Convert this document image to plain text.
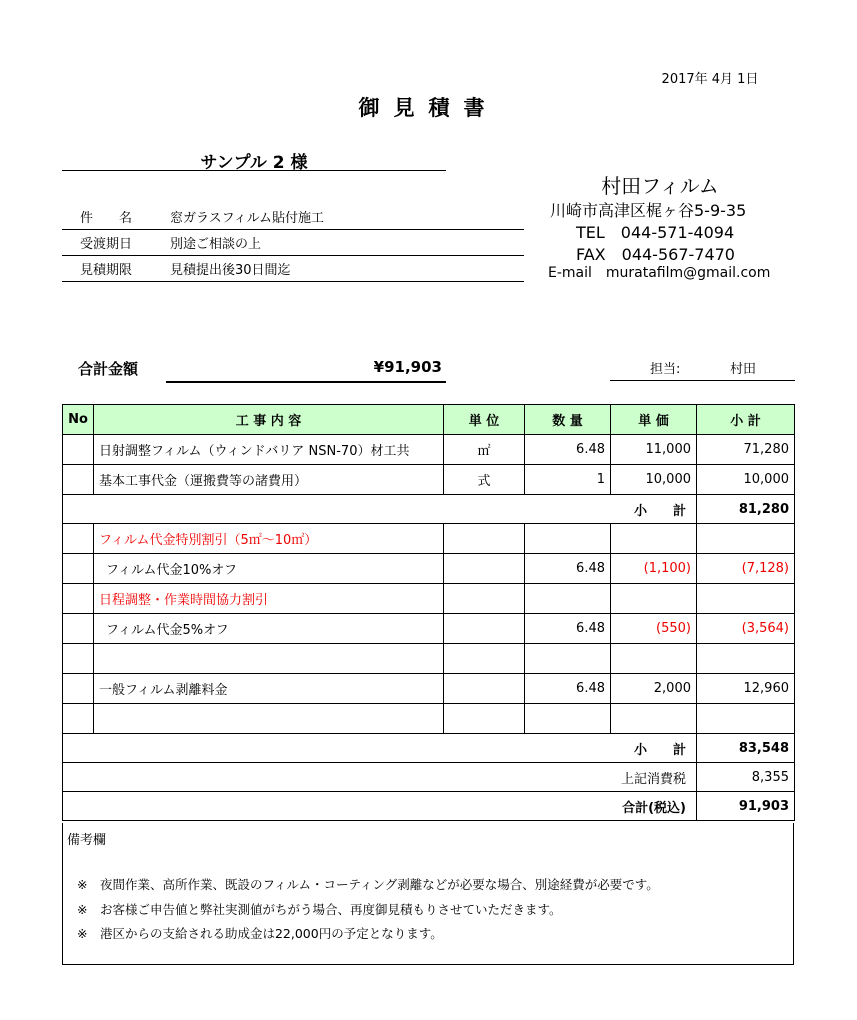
2017年 4月 1日
御見積書
サンプル 2 様
件　　名	窓ガラスフィルム貼付施工
受渡期日	別途ご相談の上
見積期限	見積提出後30日間迄
村田フィルム
川崎市高津区梶ヶ谷5-9-35
TEL　044-571-4094
FAX　044-567-7470
E-mail　muratafilm@gmail.com
合計金額	¥91,903	担当:	村田
No	工 事 内 容	単 位	数 量	単 価	小 計
	日射調整フィルム（ウィンドバリア NSN-70）材工共	㎡	6.48	11,000	71,280
	基本工事代金（運搬費等の諸費用）	式	1	10,000	10,000
小　　計					81,280
	フィルム代金特別割引（5㎡～10㎡）				
	フィルム代金10%オフ		6.48	(1,100)	(7,128)
	日程調整・作業時間協力割引				
	フィルム代金5%オフ		6.48	(550)	(3,564)

	一般フィルム剥離料金		6.48	2,000	12,960

小　　計					83,548
上記消費税					8,355
合計(税込)					91,903
備考欄
※　夜間作業、高所作業、既設のフィルム・コーティング剥離などが必要な場合、別途経費が必要です。
※　お客様ご申告値と弊社実測値がちがう場合、再度御見積もりさせていただきます。
※　港区からの支給される助成金は22,000円の予定となります。
